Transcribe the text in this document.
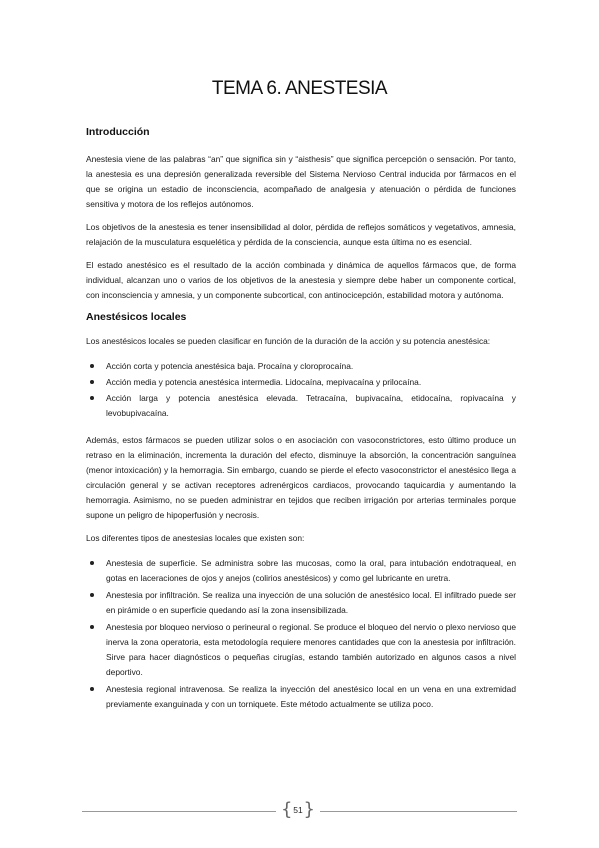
TEMA 6. ANESTESIA
Introducción

Anestesia viene de las palabras “an” que significa sin y “aisthesis” que significa percepción o sensación. Por tanto, la anestesia es una depresión generalizada reversible del Sistema Nervioso Central inducida por fármacos en el que se origina un estadio de inconsciencia, acompañado de analgesia y atenuación o pérdida de funciones sensitiva y motora de los reflejos autónomos.

Los objetivos de la anestesia es tener insensibilidad al dolor, pérdida de reflejos somáticos y vegetativos, amnesia, relajación de la musculatura esquelética y pérdida de la consciencia, aunque esta última no es esencial.

El estado anestésico es el resultado de la acción combinada y dinámica de aquellos fármacos que, de forma individual, alcanzan uno o varios de los objetivos de la anestesia y siempre debe haber un componente cortical, con inconsciencia y amnesia, y un componente subcortical, con antinocicepción, estabilidad motora y autónoma.

Anestésicos locales

Los anestésicos locales se pueden clasificar en función de la duración de la acción y su potencia anestésica:

Acción corta y potencia anestésica baja. Procaína y cloroprocaína.
Acción media y potencia anestésica intermedia. Lidocaína, mepivacaína y prilocaína.
Acción larga y potencia anestésica elevada. Tetracaína, bupivacaína, etidocaína, ropivacaína y levobupivacaína.

Además, estos fármacos se pueden utilizar solos o en asociación con vasoconstrictores, esto último produce un retraso en la eliminación, incrementa la duración del efecto, disminuye la absorción, la concentración sanguínea (menor intoxicación) y la hemorragia. Sin embargo, cuando se pierde el efecto vasoconstrictor el anestésico llega a circulación general y se activan receptores adrenérgicos cardiacos, provocando taquicardia y aumentando la hemorragia. Asimismo, no se pueden administrar en tejidos que reciben irrigación por arterias terminales porque supone un peligro de hipoperfusión y necrosis.

Los diferentes tipos de anestesias locales que existen son:

Anestesia de superficie. Se administra sobre las mucosas, como la oral, para intubación endotraqueal, en gotas en laceraciones de ojos y anejos (colirios anestésicos) y como gel lubricante en uretra.
Anestesia por infiltración. Se realiza una inyección de una solución de anestésico local. El infiltrado puede ser en pirámide o en superficie quedando así la zona insensibilizada.
Anestesia por bloqueo nervioso o perineural o regional. Se produce el bloqueo del nervio o plexo nervioso que inerva la zona operatoria, esta metodología requiere menores cantidades que con la anestesia por infiltración. Sirve para hacer diagnósticos o pequeñas cirugías, estando también autorizado en algunos casos a nivel deportivo.
Anestesia regional intravenosa. Se realiza la inyección del anestésico local en un vena en una extremidad previamente exanguinada y con un torniquete. Este método actualmente se utiliza poco.
{ 51 }
